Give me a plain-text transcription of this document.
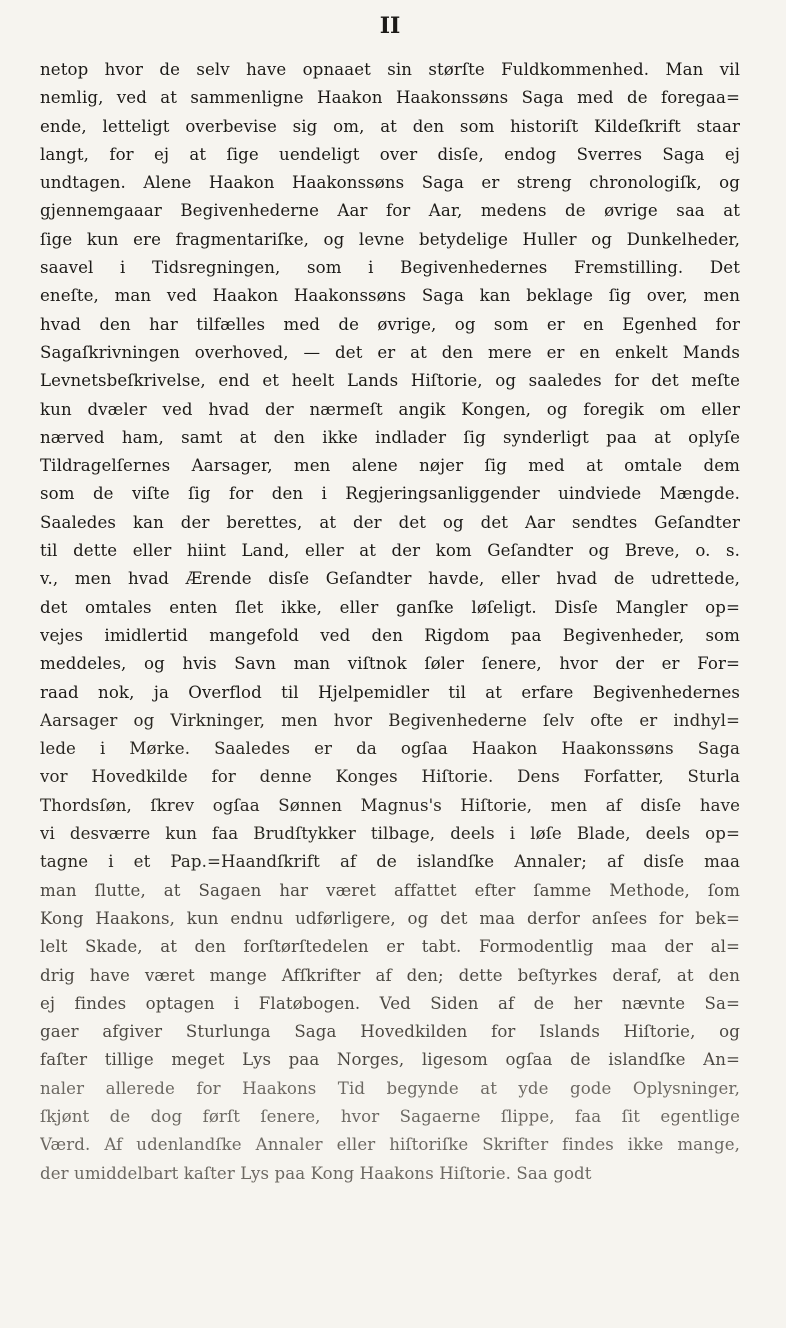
II
netop hvor de selv have opnaaet sin størſte Fuldkommenhed. Man vil
nemlig, ved at sammenligne Haakon Haakonssøns Saga med de foregaa=
ende, letteligt overbevise sig om, at den som historiſt Kildeſkrift staar
langt, for ej at ſige uendeligt over disſe, endog Sverres Saga ej
undtagen. Alene Haakon Haakonssøns Saga er streng chronologiſk, og
gjennemgaaar Begivenhederne Aar for Aar, medens de øvrige saa at
ſige kun ere fragmentariſke, og levne betydelige Huller og Dunkelheder,
saavel i Tidsregningen, som i Begivenhedernes Fremstilling. Det
eneſte, man ved Haakon Haakonssøns Saga kan beklage ſig over, men
hvad den har tilfælles med de øvrige, og som er en Egenhed for
Sagaſkrivningen overhoved, — det er at den mere er en enkelt Mands
Levnetsbeſkrivelse, end et heelt Lands Hiſtorie, og saaledes for det meſte
kun dvæler ved hvad der nærmeſt angik Kongen, og foregik om eller
nærved ham, samt at den ikke indlader ſig synderligt paa at oplyſe
Tildragelſernes Aarsager, men alene nøjer ſig med at omtale dem
som de viſte ſig for den i Regjeringsanliggender uindviede Mængde.
Saaledes kan der berettes, at der det og det Aar sendtes Geſandter
til dette eller hiint Land, eller at der kom Geſandter og Breve, o. s.
v., men hvad Ærende disſe Geſandter havde, eller hvad de udrettede,
det omtales enten ſlet ikke, eller ganſke løſeligt. Disſe Mangler op=
vejes imidlertid mangefold ved den Rigdom paa Begivenheder, som
meddeles, og hvis Savn man viſtnok ſøler ſenere, hvor der er For=
raad nok, ja Overflod til Hjelpemidler til at erfare Begivenhedernes
Aarsager og Virkninger, men hvor Begivenhederne ſelv ofte er indhyl=
lede i Mørke. Saaledes er da ogſaa Haakon Haakonssøns Saga
vor Hovedkilde for denne Konges Hiſtorie. Dens Forfatter, Sturla
Thordsſøn, ſkrev ogſaa Sønnen Magnus's Hiſtorie, men af disſe have
vi desværre kun faa Brudſtykker tilbage, deels i løſe Blade, deels op=
tagne i et Pap.=Haandſkrift af de islandſke Annaler; af disſe maa
man ſlutte, at Sagaen har været affattet efter ſamme Methode, ſom
Kong Haakons, kun endnu udførligere, og det maa derfor anſees for bek=
lelt Skade, at den forſtørſtedelen er tabt. Formodentlig maa der al=
drig have været mange Afſkrifter af den; dette beſtyrkes deraf, at den
ej findes optagen i Flatøbogen. Ved Siden af de her nævnte Sa=
gaer afgiver Sturlunga Saga Hovedkilden for Islands Hiſtorie, og
faſter tillige meget Lys paa Norges, ligesom ogſaa de islandſke An=
naler allerede for Haakons Tid begynde at yde gode Oplysninger,
ſkjønt de dog førſt ſenere, hvor Sagaerne ſlippe, faa ſit egentlige
Værd. Af udenlandſke Annaler eller hiſtoriſke Skrifter findes ikke mange,
der umiddelbart kaſter Lys paa Kong Haakons Hiſtorie. Saa godt
